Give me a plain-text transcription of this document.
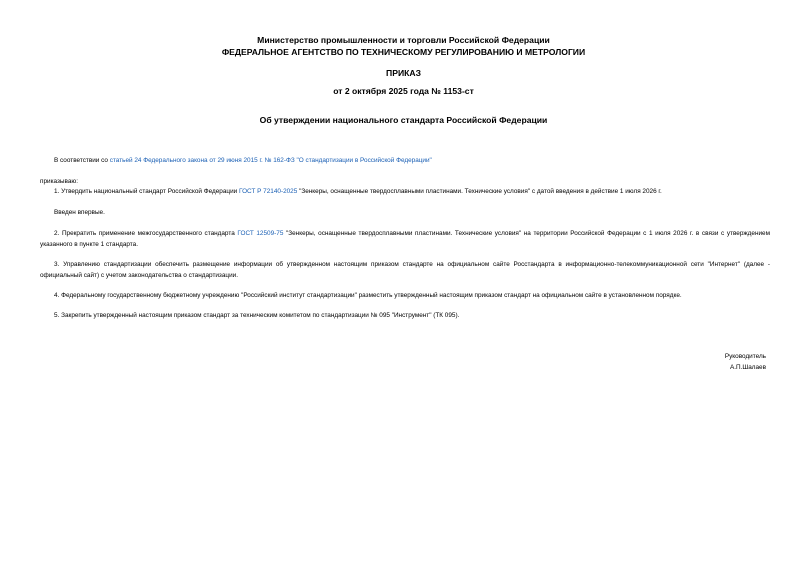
Министерство промышленности и торговли Российской Федерации
ФЕДЕРАЛЬНОЕ АГЕНТСТВО ПО ТЕХНИЧЕСКОМУ РЕГУЛИРОВАНИЮ И МЕТРОЛОГИИ
ПРИКАЗ
от 2 октября 2025 года № 1153-ст
Об утверждении национального стандарта Российской Федерации
В соответствии со статьей 24 Федерального закона от 29 июня 2015 г. № 162-ФЗ "О стандартизации в Российской Федерации"
приказываю:
1. Утвердить национальный стандарт Российской Федерации ГОСТ Р 72140-2025 "Зенкеры, оснащенные твердосплавными пластинами. Технические условия" с датой введения в действие 1 июля 2026 г.
Введен впервые.
2. Прекратить применение межгосударственного стандарта ГОСТ 12509-75 "Зенкеры, оснащенные твердосплавными пластинами. Технические условия" на территории Российской Федерации с 1 июля 2026 г. в связи с утверждением указанного в пункте 1 стандарта.
3. Управлению стандартизации обеспечить размещение информации об утвержденном настоящим приказом стандарте на официальном сайте Росстандарта в информационно-телекоммуникационной сети "Интернет" (далее - официальный сайт) с учетом законодательства о стандартизации.
4. Федеральному государственному бюджетному учреждению "Российский институт стандартизации" разместить утвержденный настоящим приказом стандарт на официальном сайте в установленном порядке.
5. Закрепить утвержденный настоящим приказом стандарт за техническим комитетом по стандартизации № 095 "Инструмент" (ТК 095).
Руководитель
А.П.Шалаев
